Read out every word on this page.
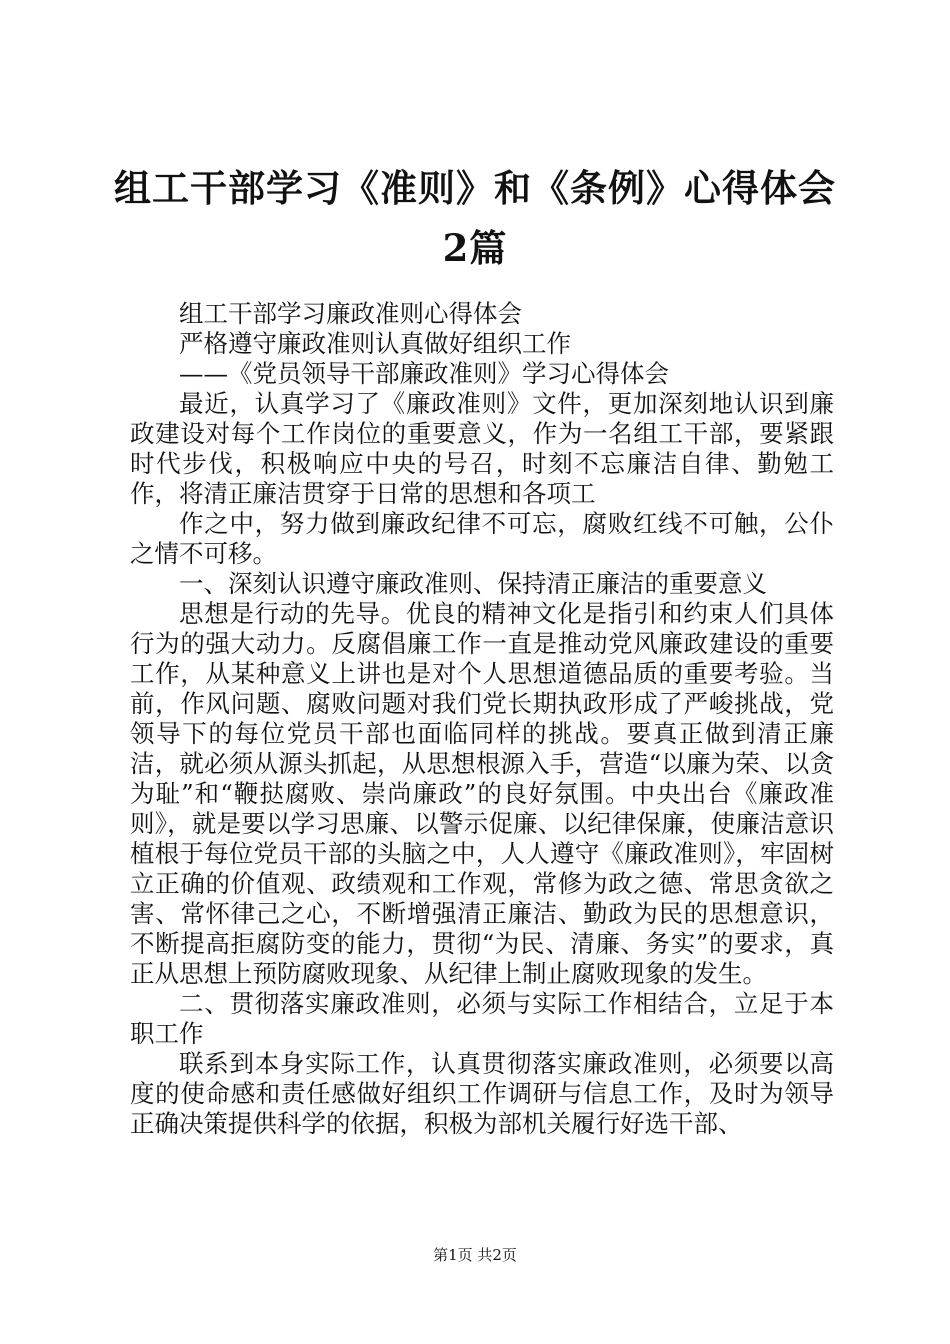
组工干部学习《准则》和《条例》心得体会2篇

组工干部学习廉政准则心得体会

严格遵守廉政准则认真做好组织工作

——《党员领导干部廉政准则》学习心得体会

最近，认真学习了《廉政准则》文件，更加深刻地认识到廉政建设对每个工作岗位的重要意义，作为一名组工干部，要紧跟时代步伐，积极响应中央的号召，时刻不忘廉洁自律、勤勉工作，将清正廉洁贯穿于日常的思想和各项工

作之中，努力做到廉政纪律不可忘，腐败红线不可触，公仆之情不可移。

一、深刻认识遵守廉政准则、保持清正廉洁的重要意义

思想是行动的先导。优良的精神文化是指引和约束人们具体行为的强大动力。反腐倡廉工作一直是推动党风廉政建设的重要工作，从某种意义上讲也是对个人思想道德品质的重要考验。当前，作风问题、腐败问题对我们党长期执政形成了严峻挑战，党领导下的每位党员干部也面临同样的挑战。要真正做到清正廉洁，就必须从源头抓起，从思想根源入手，营造“以廉为荣、以贪为耻”和“鞭挞腐败、崇尚廉政”的良好氛围。中央出台《廉政准则》，就是要以学习思廉、以警示促廉、以纪律保廉，使廉洁意识植根于每位党员干部的头脑之中，人人遵守《廉政准则》，牢固树立正确的价值观、政绩观和工作观，常修为政之德、常思贪欲之害、常怀律己之心，不断增强清正廉洁、勤政为民的思想意识，不断提高拒腐防变的能力，贯彻“为民、清廉、务实”的要求，真正从思想上预防腐败现象、从纪律上制止腐败现象的发生。

二、贯彻落实廉政准则，必须与实际工作相结合，立足于本职工作

联系到本身实际工作，认真贯彻落实廉政准则，必须要以高度的使命感和责任感做好组织工作调研与信息工作，及时为领导正确决策提供科学的依据，积极为部机关履行好选干部、

第1页 共2页
